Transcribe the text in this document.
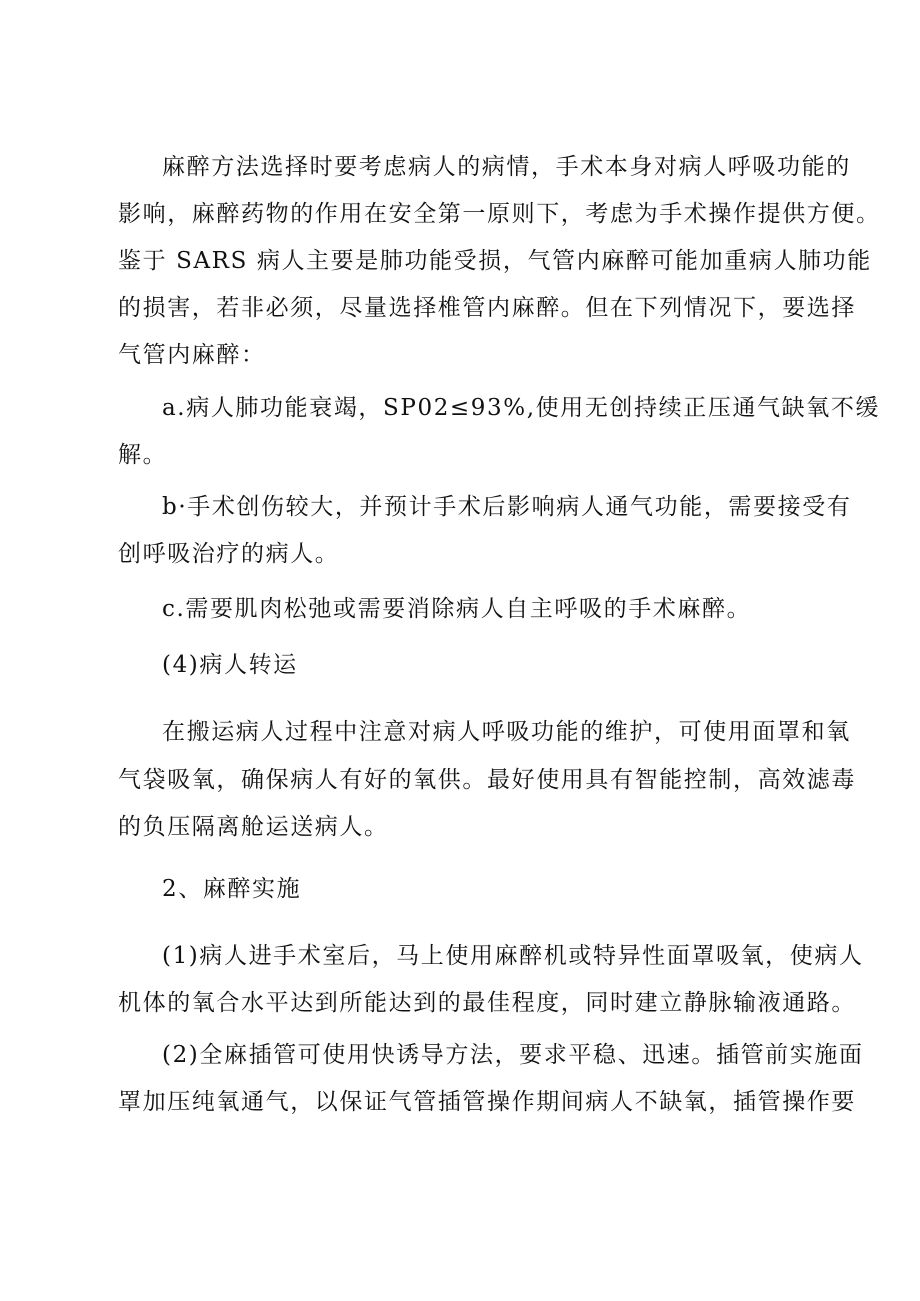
麻醉方法选择时要考虑病人的病情，手术本身对病人呼吸功能的
影响，麻醉药物的作用在安全第一原则下，考虑为手术操作提供方便。
鉴于 SARS 病人主要是肺功能受损，气管内麻醉可能加重病人肺功能
的损害，若非必须，尽量选择椎管内麻醉。但在下列情况下，要选择
气管内麻醉：
a.病人肺功能衰竭，SP02≤93%,使用无创持续正压通气缺氧不缓
解。
b·手术创伤较大，并预计手术后影响病人通气功能，需要接受有
创呼吸治疗的病人。
c.需要肌肉松弛或需要消除病人自主呼吸的手术麻醉。
(4)病人转运
在搬运病人过程中注意对病人呼吸功能的维护，可使用面罩和氧
气袋吸氧，确保病人有好的氧供。最好使用具有智能控制，高效滤毒
的负压隔离舱运送病人。
2、麻醉实施
(1)病人进手术室后，马上使用麻醉机或特异性面罩吸氧，使病人
机体的氧合水平达到所能达到的最佳程度，同时建立静脉输液通路。
(2)全麻插管可使用快诱导方法，要求平稳、迅速。插管前实施面
罩加压纯氧通气，以保证气管插管操作期间病人不缺氧，插管操作要
